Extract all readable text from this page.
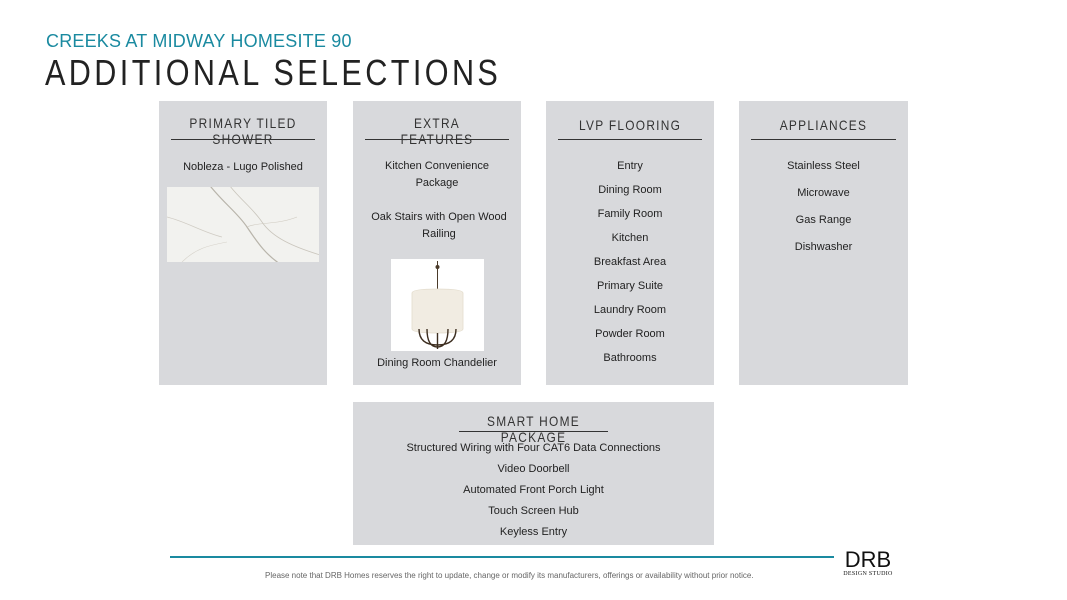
CREEKS AT MIDWAY HOMESITE 90
ADDITIONAL SELECTIONS
PRIMARY TILED SHOWER
Nobleza - Lugo Polished
EXTRA FEATURES
Kitchen Convenience Package
Oak Stairs with Open Wood Railing
Dining Room Chandelier
LVP FLOORING
Entry
Dining Room
Family Room
Kitchen
Breakfast Area
Primary Suite
Laundry Room
Powder Room
Bathrooms
APPLIANCES
Stainless Steel
Microwave
Gas Range
Dishwasher
SMART HOME PACKAGE
Structured Wiring with Four CAT6 Data Connections
Video Doorbell
Automated Front Porch Light
Touch Screen Hub
Keyless Entry
Please note that DRB Homes reserves the right to update, change or modify its manufacturers, offerings or availability without prior notice.
DRB
DESIGN STUDIO
